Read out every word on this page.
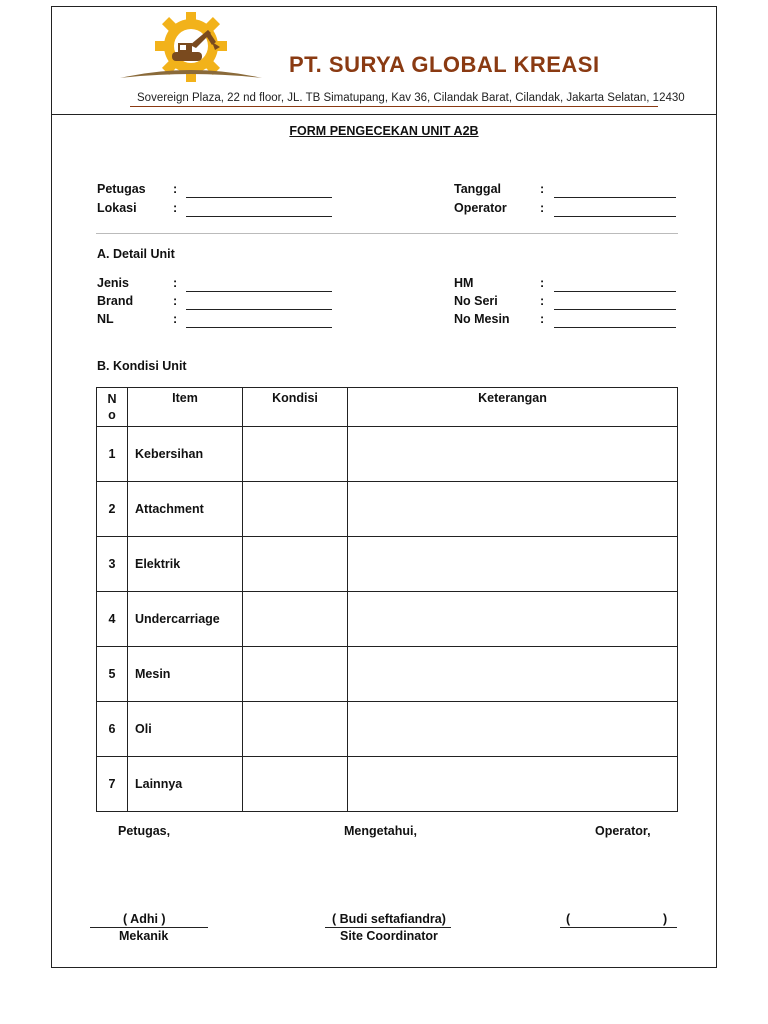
PT. SURYA GLOBAL KREASI
Sovereign Plaza, 22 nd floor, JL. TB Simatupang, Kav 36, Cilandak Barat, Cilandak, Jakarta Selatan, 12430
FORM PENGECEKAN UNIT A2B
Petugas :
Lokasi	:
Tanggal	:
Operator	:
A. Detail Unit
Jenis	:
Brand	:
NL	:
HM	:
No Seri	:
No Mesin :
B. Kondisi Unit
N
o	Item	Kondisi	Keterangan
1	Kebersihan		
2	Attachment		
3	Elektrik		
4	Undercarriage		
5	Mesin		
6	Oli		
7	Lainnya		
Petugas,	Mengetahui,	Operator,
( Adhi )
Mekanik
( Budi seftafiandra)
Site Coordinator
(	)
